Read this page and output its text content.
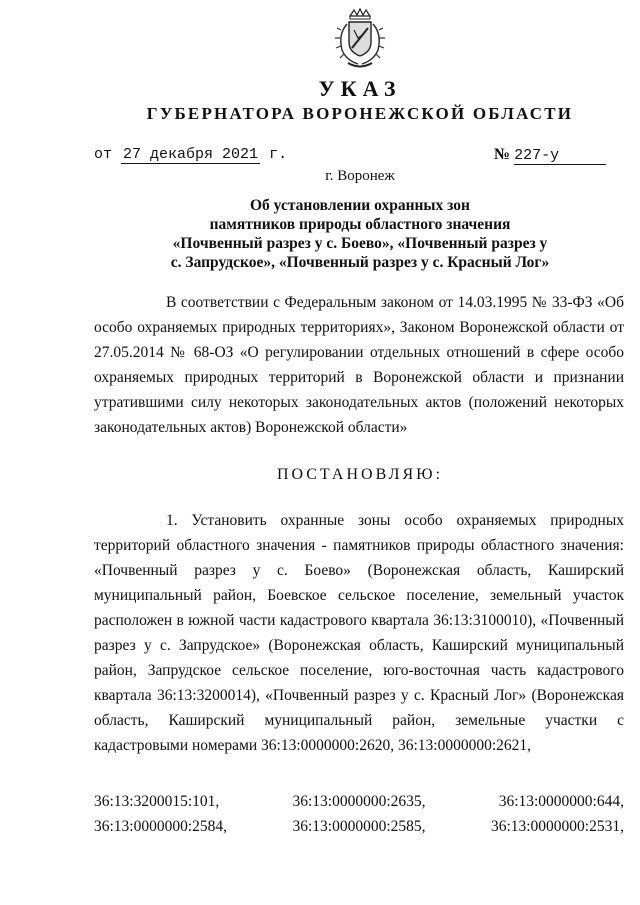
УКАЗ
ГУБЕРНАТОРА ВОРОНЕЖСКОЙ ОБЛАСТИ
от 27 декабря 2021 г.	№ 227-у
г. Воронеж
Об установлении охранных зон
памятников природы областного значения
«Почвенный разрез у с. Боево», «Почвенный разрез у
с. Запрудское», «Почвенный разрез у с. Красный Лог»
В соответствии с Федеральным законом от 14.03.1995 № 33-ФЗ «Об особо охраняемых природных территориях», Законом Воронежской области от 27.05.2014 № 68-ОЗ «О регулировании отдельных отношений в сфере особо охраняемых природных территорий в Воронежской области и признании утратившими силу некоторых законодательных актов (положений некоторых законодательных актов) Воронежской области»
ПОСТАНОВЛЯЮ:
1. Установить охранные зоны особо охраняемых природных территорий областного значения - памятников природы областного значения: «Почвенный разрез у с. Боево» (Воронежская область, Каширский муниципальный район, Боевское сельское поселение, земельный участок расположен в южной части кадастрового квартала 36:13:3100010), «Почвенный разрез у с. Запрудское» (Воронежская область, Каширский муниципальный район, Запрудское сельское поселение, юго-восточная часть кадастрового квартала 36:13:3200014), «Почвенный разрез у с. Красный Лог» (Воронежская область, Каширский муниципальный район, земельные участки с кадастровыми номерами 36:13:0000000:2620, 36:13:0000000:2621,
36:13:3200015:101,	36:13:0000000:2635,	36:13:0000000:644,
36:13:0000000:2584,	36:13:0000000:2585,	36:13:0000000:2531,
